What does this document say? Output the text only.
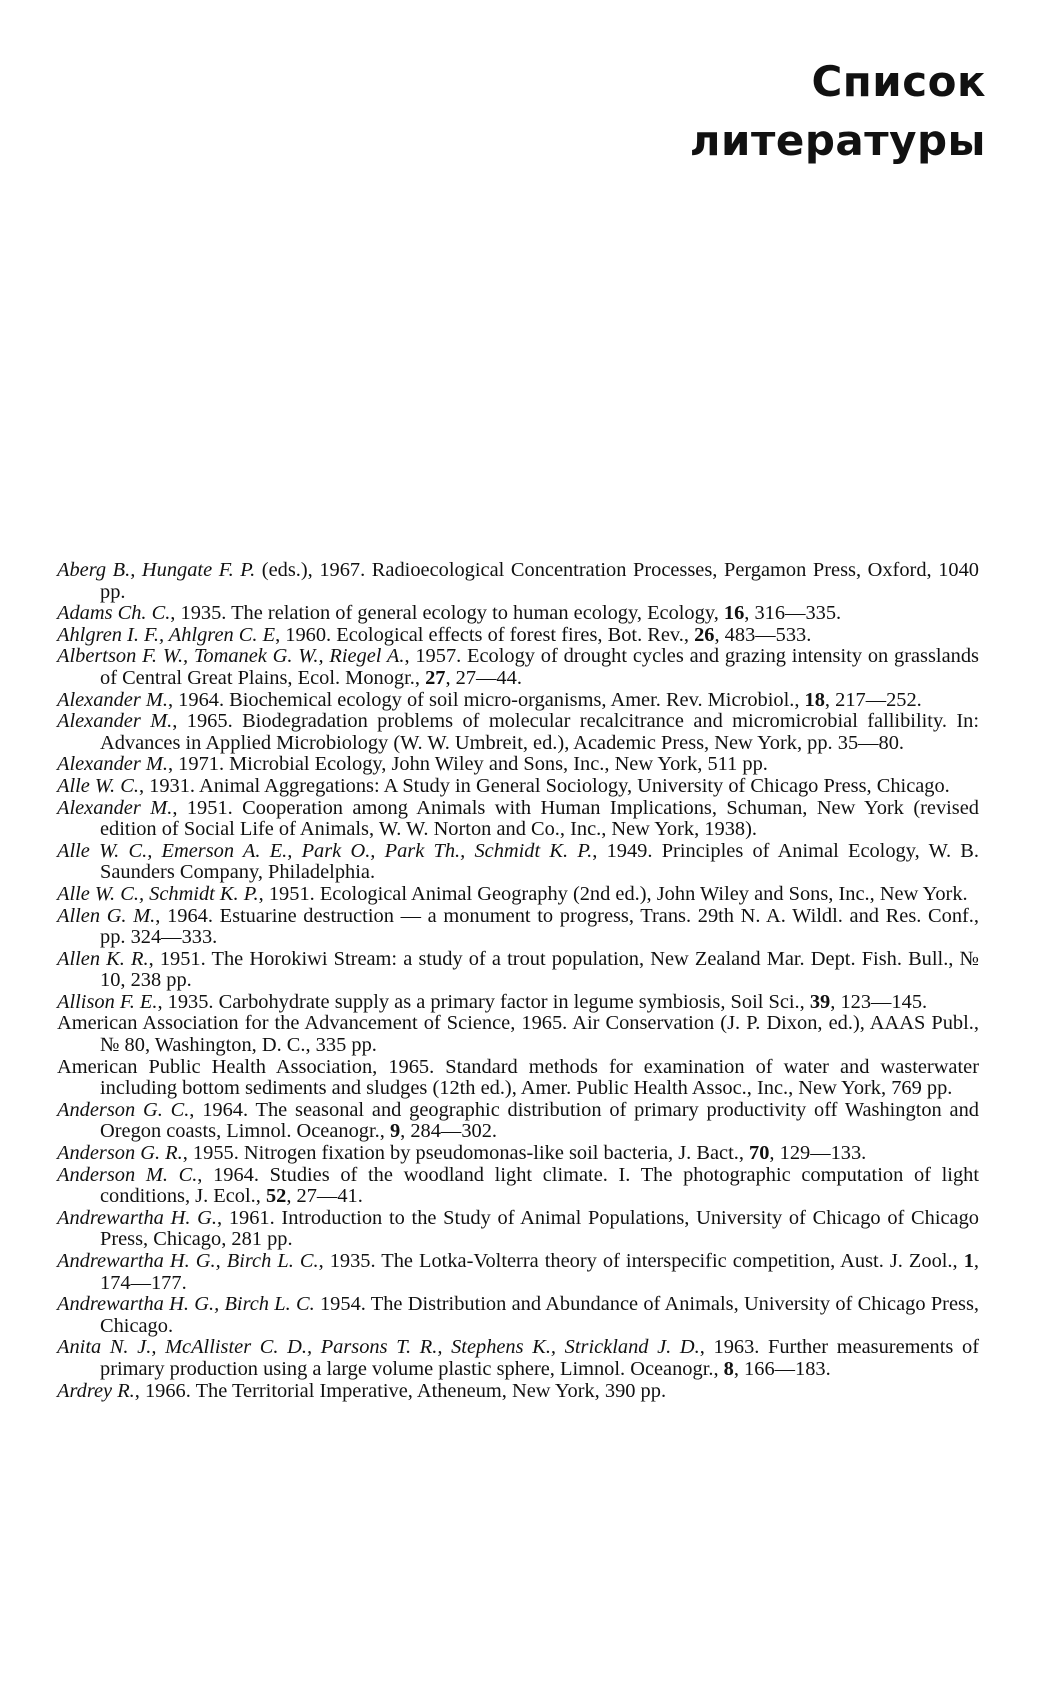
Список
литературы

Aberg B., Hungate F. P. (eds.), 1967. Radioecological Concentration Processes, Pergamon Press, Oxford, 1040 pp.

Adams Ch. C., 1935. The relation of general ecology to human ecology, Ecology, 16, 316—335.

Ahlgren I. F., Ahlgren C. E, 1960. Ecological effects of forest fires, Bot. Rev., 26, 483—533.

Albertson F. W., Tomanek G. W., Riegel A., 1957. Ecology of drought cycles and grazing intensity on grasslands of Central Great Plains, Ecol. Monogr., 27, 27—44.

Alexander M., 1964. Biochemical ecology of soil micro-organisms, Amer. Rev. Microbiol., 18, 217—252.

Alexander M., 1965. Biodegradation problems of molecular recalcitrance and micromicrobial fallibility. In: Advances in Applied Microbiology (W. W. Umbreit, ed.), Academic Press, New York, pp. 35—80.

Alexander M., 1971. Microbial Ecology, John Wiley and Sons, Inc., New York, 511 pp.

Alle W. C., 1931. Animal Aggregations: A Study in General Sociology, University of Chicago Press, Chicago.

Alexander M., 1951. Cooperation among Animals with Human Implications, Schuman, New York (revised edition of Social Life of Animals, W. W. Norton and Co., Inc., New York, 1938).

Alle W. C., Emerson A. E., Park O., Park Th., Schmidt K. P., 1949. Principles of Animal Ecology, W. B. Saunders Company, Philadelphia.

Alle W. C., Schmidt K. P., 1951. Ecological Animal Geography (2nd ed.), John Wiley and Sons, Inc., New York.

Allen G. M., 1964. Estuarine destruction — a monument to progress, Trans. 29th N. A. Wildl. and Res. Conf., pp. 324—333.

Allen K. R., 1951. The Horokiwi Stream: a study of a trout population, New Zealand Mar. Dept. Fish. Bull., № 10, 238 pp.

Allison F. E., 1935. Carbohydrate supply as a primary factor in legume symbiosis, Soil Sci., 39, 123—145.

American Association for the Advancement of Science, 1965. Air Conservation (J. P. Dixon, ed.), AAAS Publ., № 80, Washington, D. C., 335 pp.

American Public Health Association, 1965. Standard methods for examination of water and wasterwater including bottom sediments and sludges (12th ed.), Amer. Public Health Assoc., Inc., New York, 769 pp.

Anderson G. C., 1964. The seasonal and geographic distribution of primary productivity off Washington and Oregon coasts, Limnol. Oceanogr., 9, 284—302.

Anderson G. R., 1955. Nitrogen fixation by pseudomonas-like soil bacteria, J. Bact., 70, 129—133.

Anderson M. C., 1964. Studies of the woodland light climate. I. The photographic computation of light conditions, J. Ecol., 52, 27—41.

Andrewartha H. G., 1961. Introduction to the Study of Animal Populations, University of Chicago of Chicago Press, Chicago, 281 pp.

Andrewartha H. G., Birch L. C., 1935. The Lotka-Volterra theory of interspecific competition, Aust. J. Zool., 1, 174—177.

Andrewartha H. G., Birch L. C. 1954. The Distribution and Abundance of Animals, University of Chicago Press, Chicago.

Anita N. J., McAllister C. D., Parsons T. R., Stephens K., Strickland J. D., 1963. Further measurements of primary production using a large volume plastic sphere, Limnol. Oceanogr., 8, 166—183.

Ardrey R., 1966. The Territorial Imperative, Atheneum, New York, 390 pp.
